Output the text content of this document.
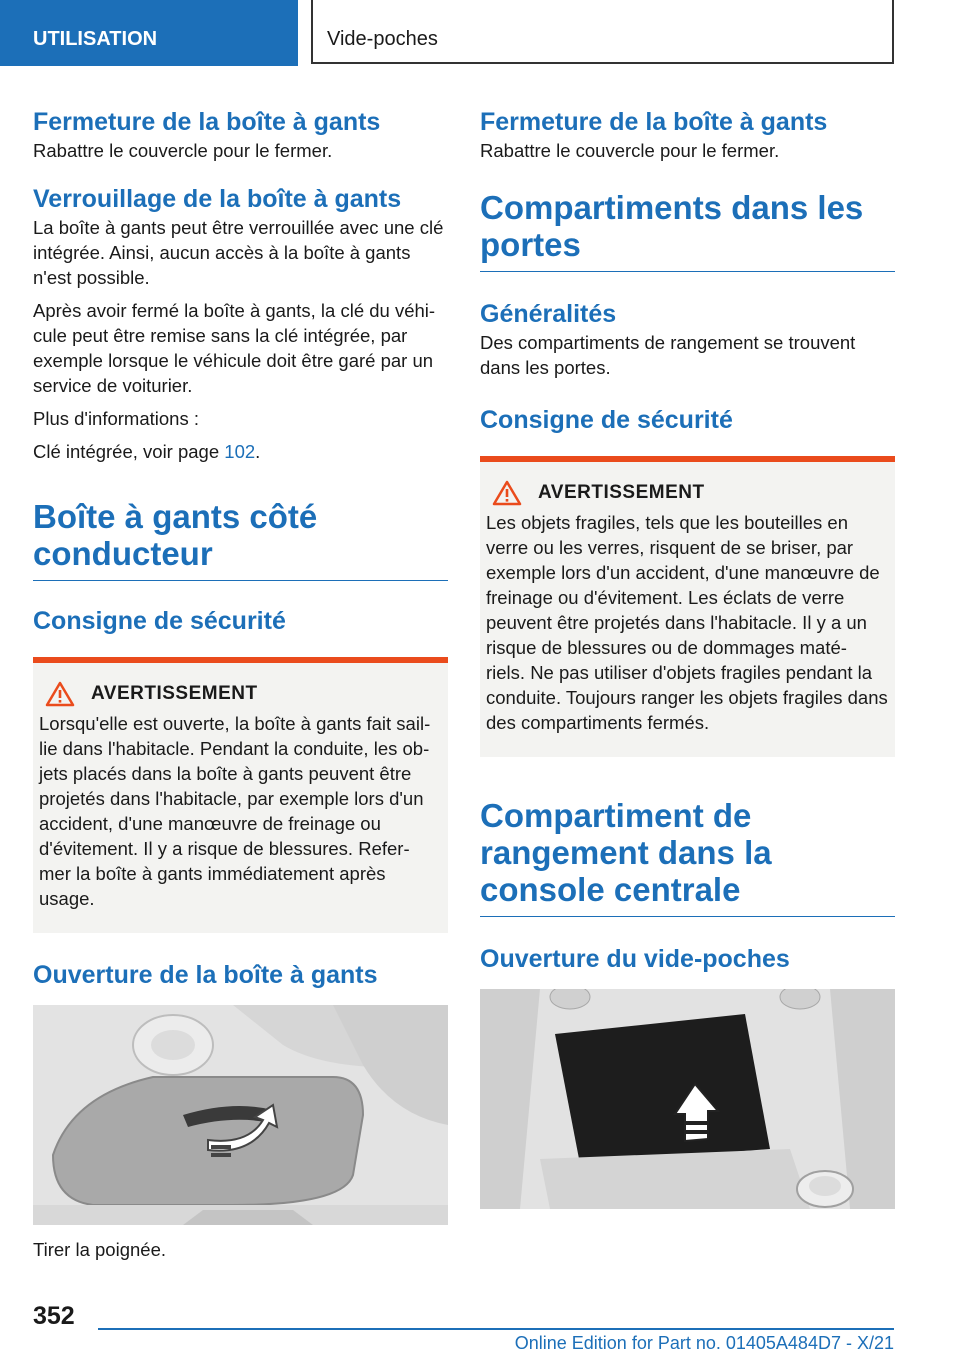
UTILISATION	Vide-poches
Fermeture de la boîte à gants

Rabattre le couvercle pour le fermer.

Verrouillage de la boîte à gants

La boîte à gants peut être verrouillée avec une clé intégrée. Ainsi, aucun accès à la boîte à gants n'est possible.

Après avoir fermé la boîte à gants, la clé du véhi- cule peut être remise sans la clé intégrée, par exemple lorsque le véhicule doit être garé par un service de voiturier.

Plus d'informations :

Clé intégrée, voir page 102.

Boîte à gants côté conducteur
Consigne de sécurité
AVERTISSEMENT

Lorsqu'elle est ouverte, la boîte à gants fait sail- lie dans l'habitacle. Pendant la conduite, les ob- jets placés dans la boîte à gants peuvent être projetés dans l'habitacle, par exemple lors d'un accident, d'une manœuvre de freinage ou d'évitement. Il y a risque de blessures. Refer- mer la boîte à gants immédiatement après usage.

Ouverture de la boîte à gants

Tirer la poignée.

Fermeture de la boîte à gants

Rabattre le couvercle pour le fermer.

Compartiments dans les portes
Généralités

Des compartiments de rangement se trouvent dans les portes.

Consigne de sécurité
AVERTISSEMENT

Les objets fragiles, tels que les bouteilles en verre ou les verres, risquent de se briser, par exemple lors d'un accident, d'une manœuvre de freinage ou d'évitement. Les éclats de verre peuvent être projetés dans l'habitacle. Il y a un risque de blessures ou de dommages maté- riels. Ne pas utiliser d'objets fragiles pendant la conduite. Toujours ranger les objets fragiles dans des compartiments fermés.

Compartiment de rangement dans la console centrale
Ouverture du vide-poches
352
Online Edition for Part no. 01405A484D7 - X/21
